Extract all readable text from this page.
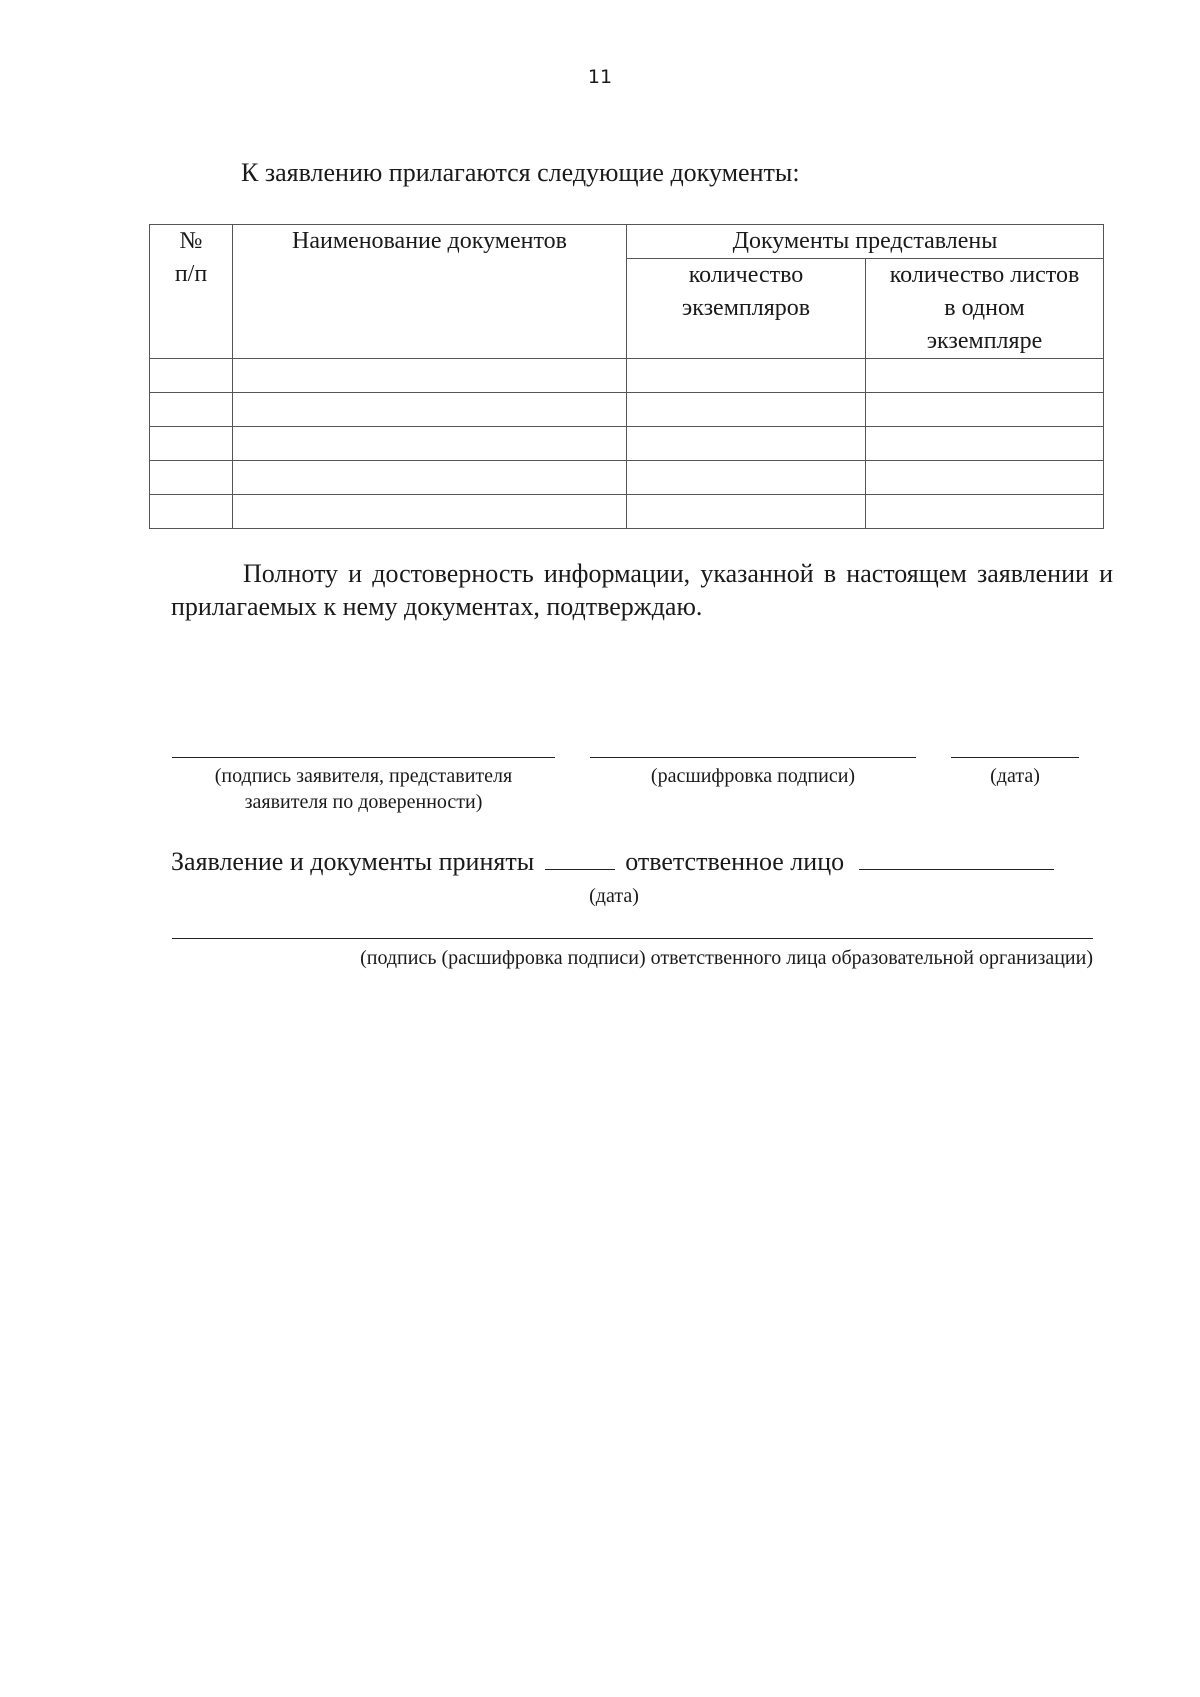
11
К заявлению прилагаются следующие документы:
№ п/п	Наименование документов	Документы представлены	

		количество экземпляров	количество листов в одном экземпляре

Полноту и достоверность информации, указанной в настоящем заявлении и прилагаемых к нему документах, подтверждаю.
(подпись заявителя, представителя заявителя по доверенности)
(расшифровка подписи)	(дата)
Заявление и документы приняты	ответственное лицо
(дата)
(подпись (расшифровка подписи) ответственного лица образовательной организации)
